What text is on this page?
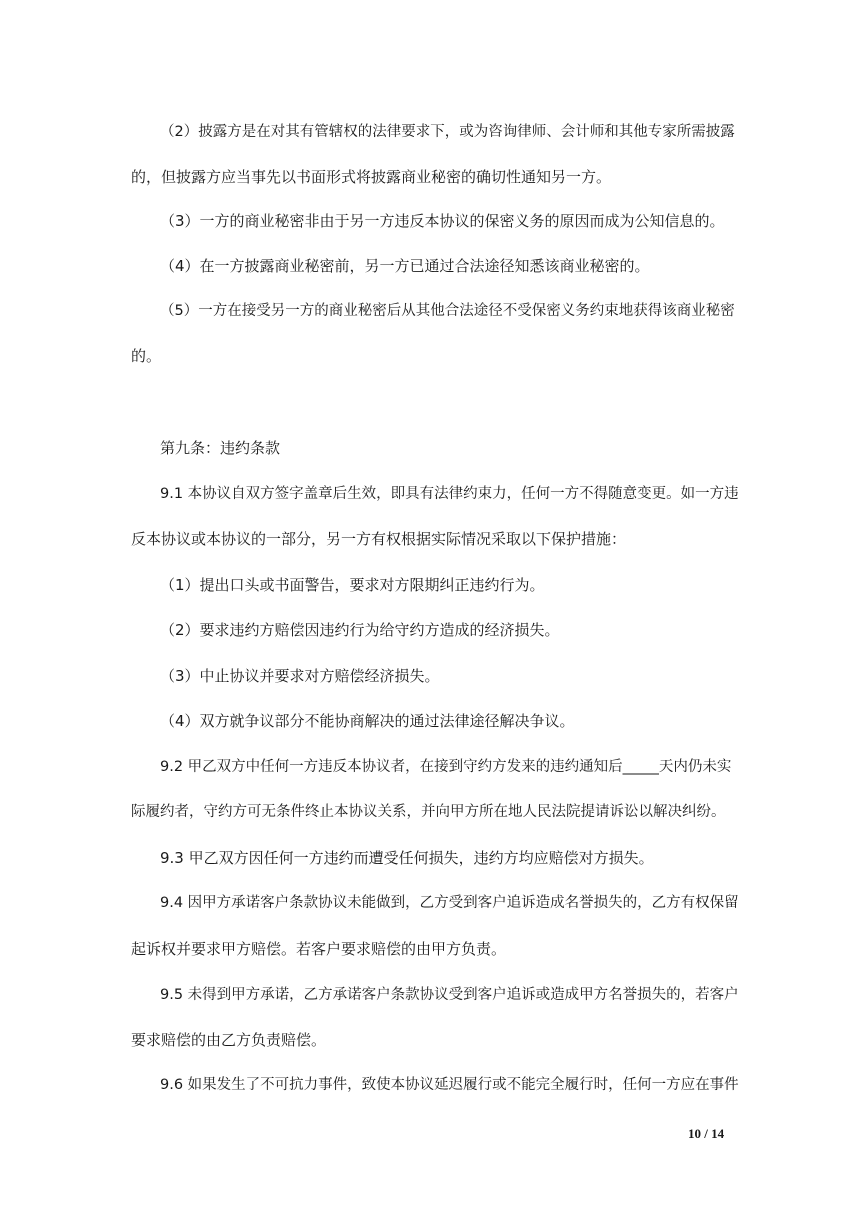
（2）披露方是在对其有管辖权的法律要求下，或为咨询律师、会计师和其他专家所需披露
的，但披露方应当事先以书面形式将披露商业秘密的确切性通知另一方。
（3）一方的商业秘密非由于另一方违反本协议的保密义务的原因而成为公知信息的。
（4）在一方披露商业秘密前，另一方已通过合法途径知悉该商业秘密的。
（5）一方在接受另一方的商业秘密后从其他合法途径不受保密义务约束地获得该商业秘密
的。
第九条：违约条款
9.1 本协议自双方签字盖章后生效，即具有法律约束力，任何一方不得随意变更。如一方违
反本协议或本协议的一部分，另一方有权根据实际情况采取以下保护措施：
（1）提出口头或书面警告，要求对方限期纠正违约行为。
（2）要求违约方赔偿因违约行为给守约方造成的经济损失。
（3）中止协议并要求对方赔偿经济损失。
（4）双方就争议部分不能协商解决的通过法律途径解决争议。
9.2 甲乙双方中任何一方违反本协议者，在接到守约方发来的违约通知后_____天内仍未实
际履约者，守约方可无条件终止本协议关系，并向甲方所在地人民法院提请诉讼以解决纠纷。
9.3 甲乙双方因任何一方违约而遭受任何损失，违约方均应赔偿对方损失。
9.4 因甲方承诺客户条款协议未能做到，乙方受到客户追诉造成名誉损失的，乙方有权保留
起诉权并要求甲方赔偿。若客户要求赔偿的由甲方负责。
9.5 未得到甲方承诺，乙方承诺客户条款协议受到客户追诉或造成甲方名誉损失的，若客户
要求赔偿的由乙方负责赔偿。
9.6 如果发生了不可抗力事件，致使本协议延迟履行或不能完全履行时，任何一方应在事件
10 / 14
